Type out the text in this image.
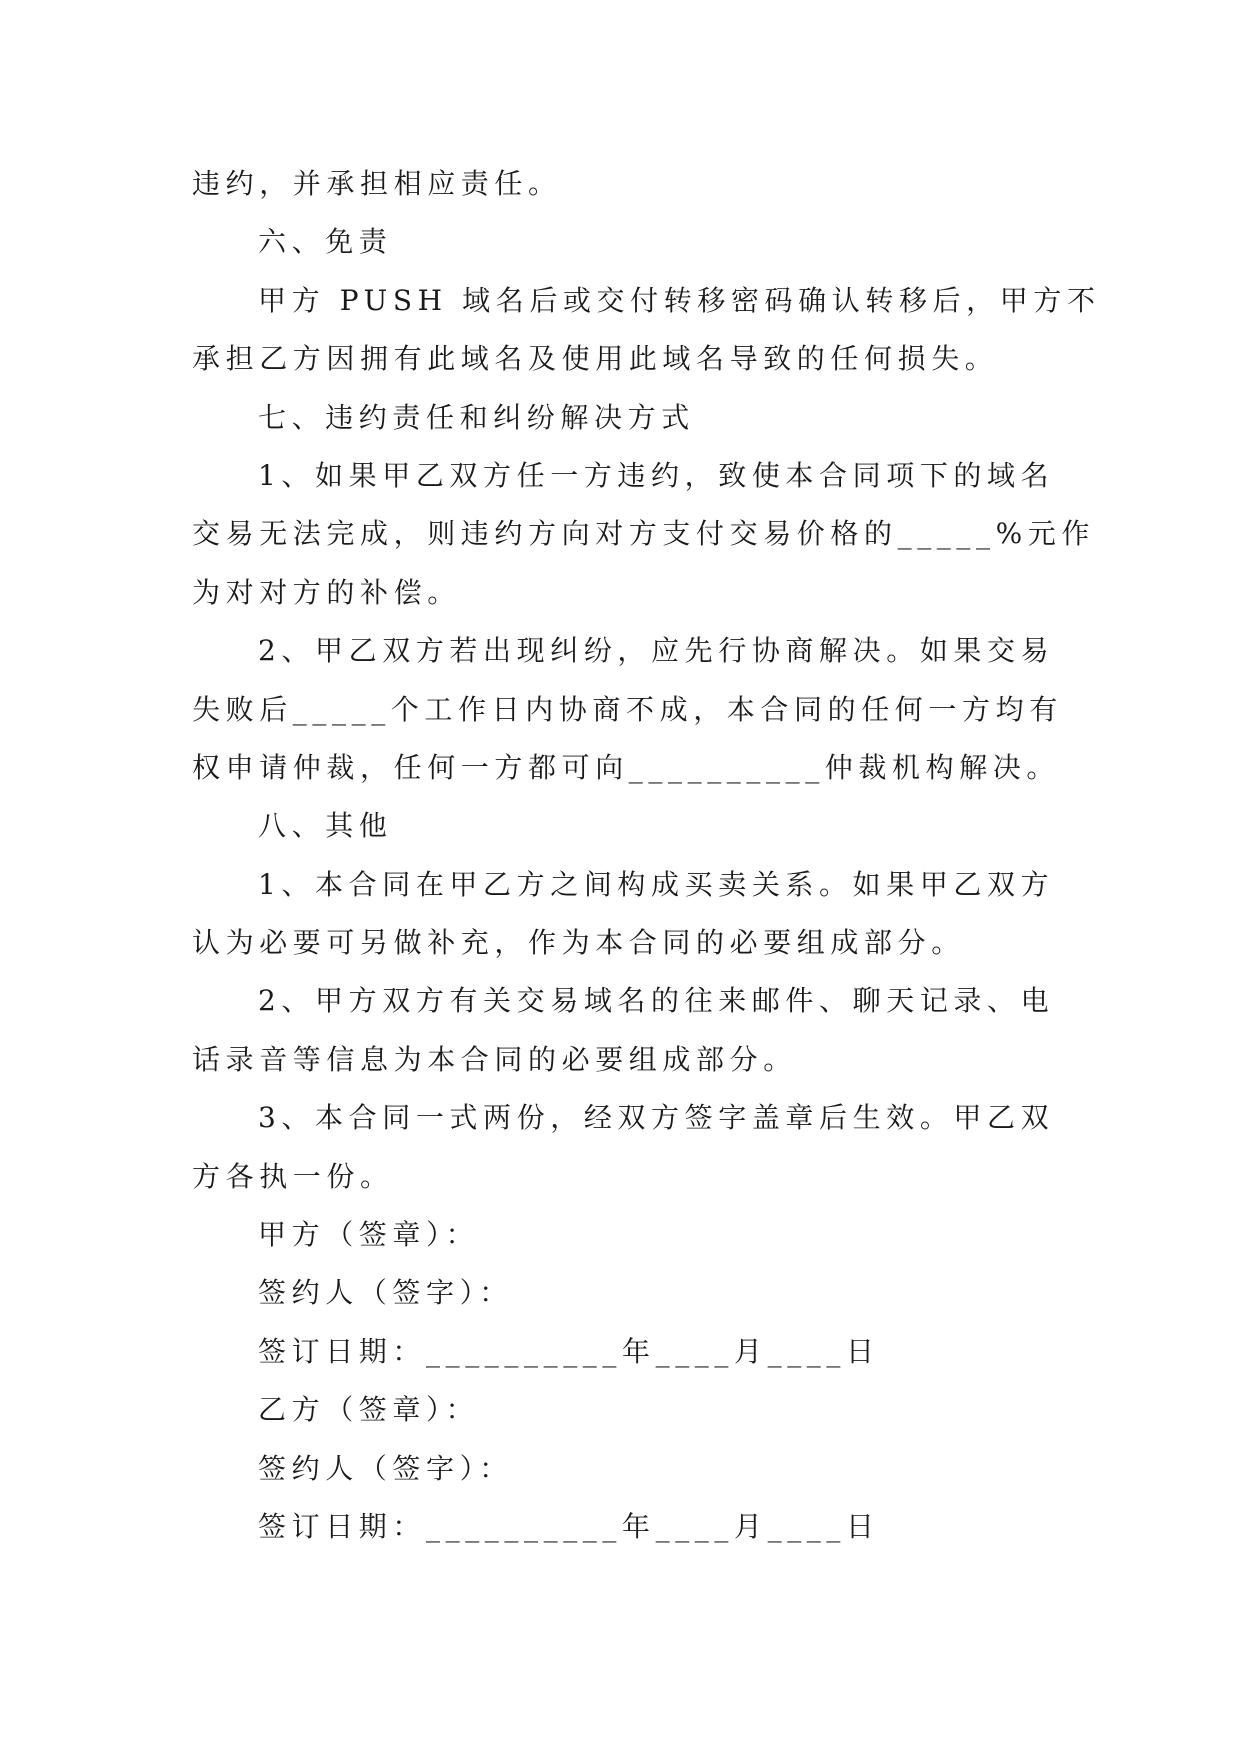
违约，并承担相应责任。
六、免责
甲方 PUSH 域名后或交付转移密码确认转移后，甲方不
承担乙方因拥有此域名及使用此域名导致的任何损失。
七、违约责任和纠纷解决方式
1、如果甲乙双方任一方违约，致使本合同项下的域名
交易无法完成，则违约方向对方支付交易价格的_____%元作
为对对方的补偿。
2、甲乙双方若出现纠纷，应先行协商解决。如果交易
失败后_____个工作日内协商不成，本合同的任何一方均有
权申请仲裁，任何一方都可向__________仲裁机构解决。
八、其他
1、本合同在甲乙方之间构成买卖关系。如果甲乙双方
认为必要可另做补充，作为本合同的必要组成部分。
2、甲方双方有关交易域名的往来邮件、聊天记录、电
话录音等信息为本合同的必要组成部分。
3、本合同一式两份，经双方签字盖章后生效。甲乙双
方各执一份。
甲方（签章）：
签约人（签字）：
签订日期：__________年____月____日
乙方（签章）：
签约人（签字）：
签订日期：__________年____月____日
